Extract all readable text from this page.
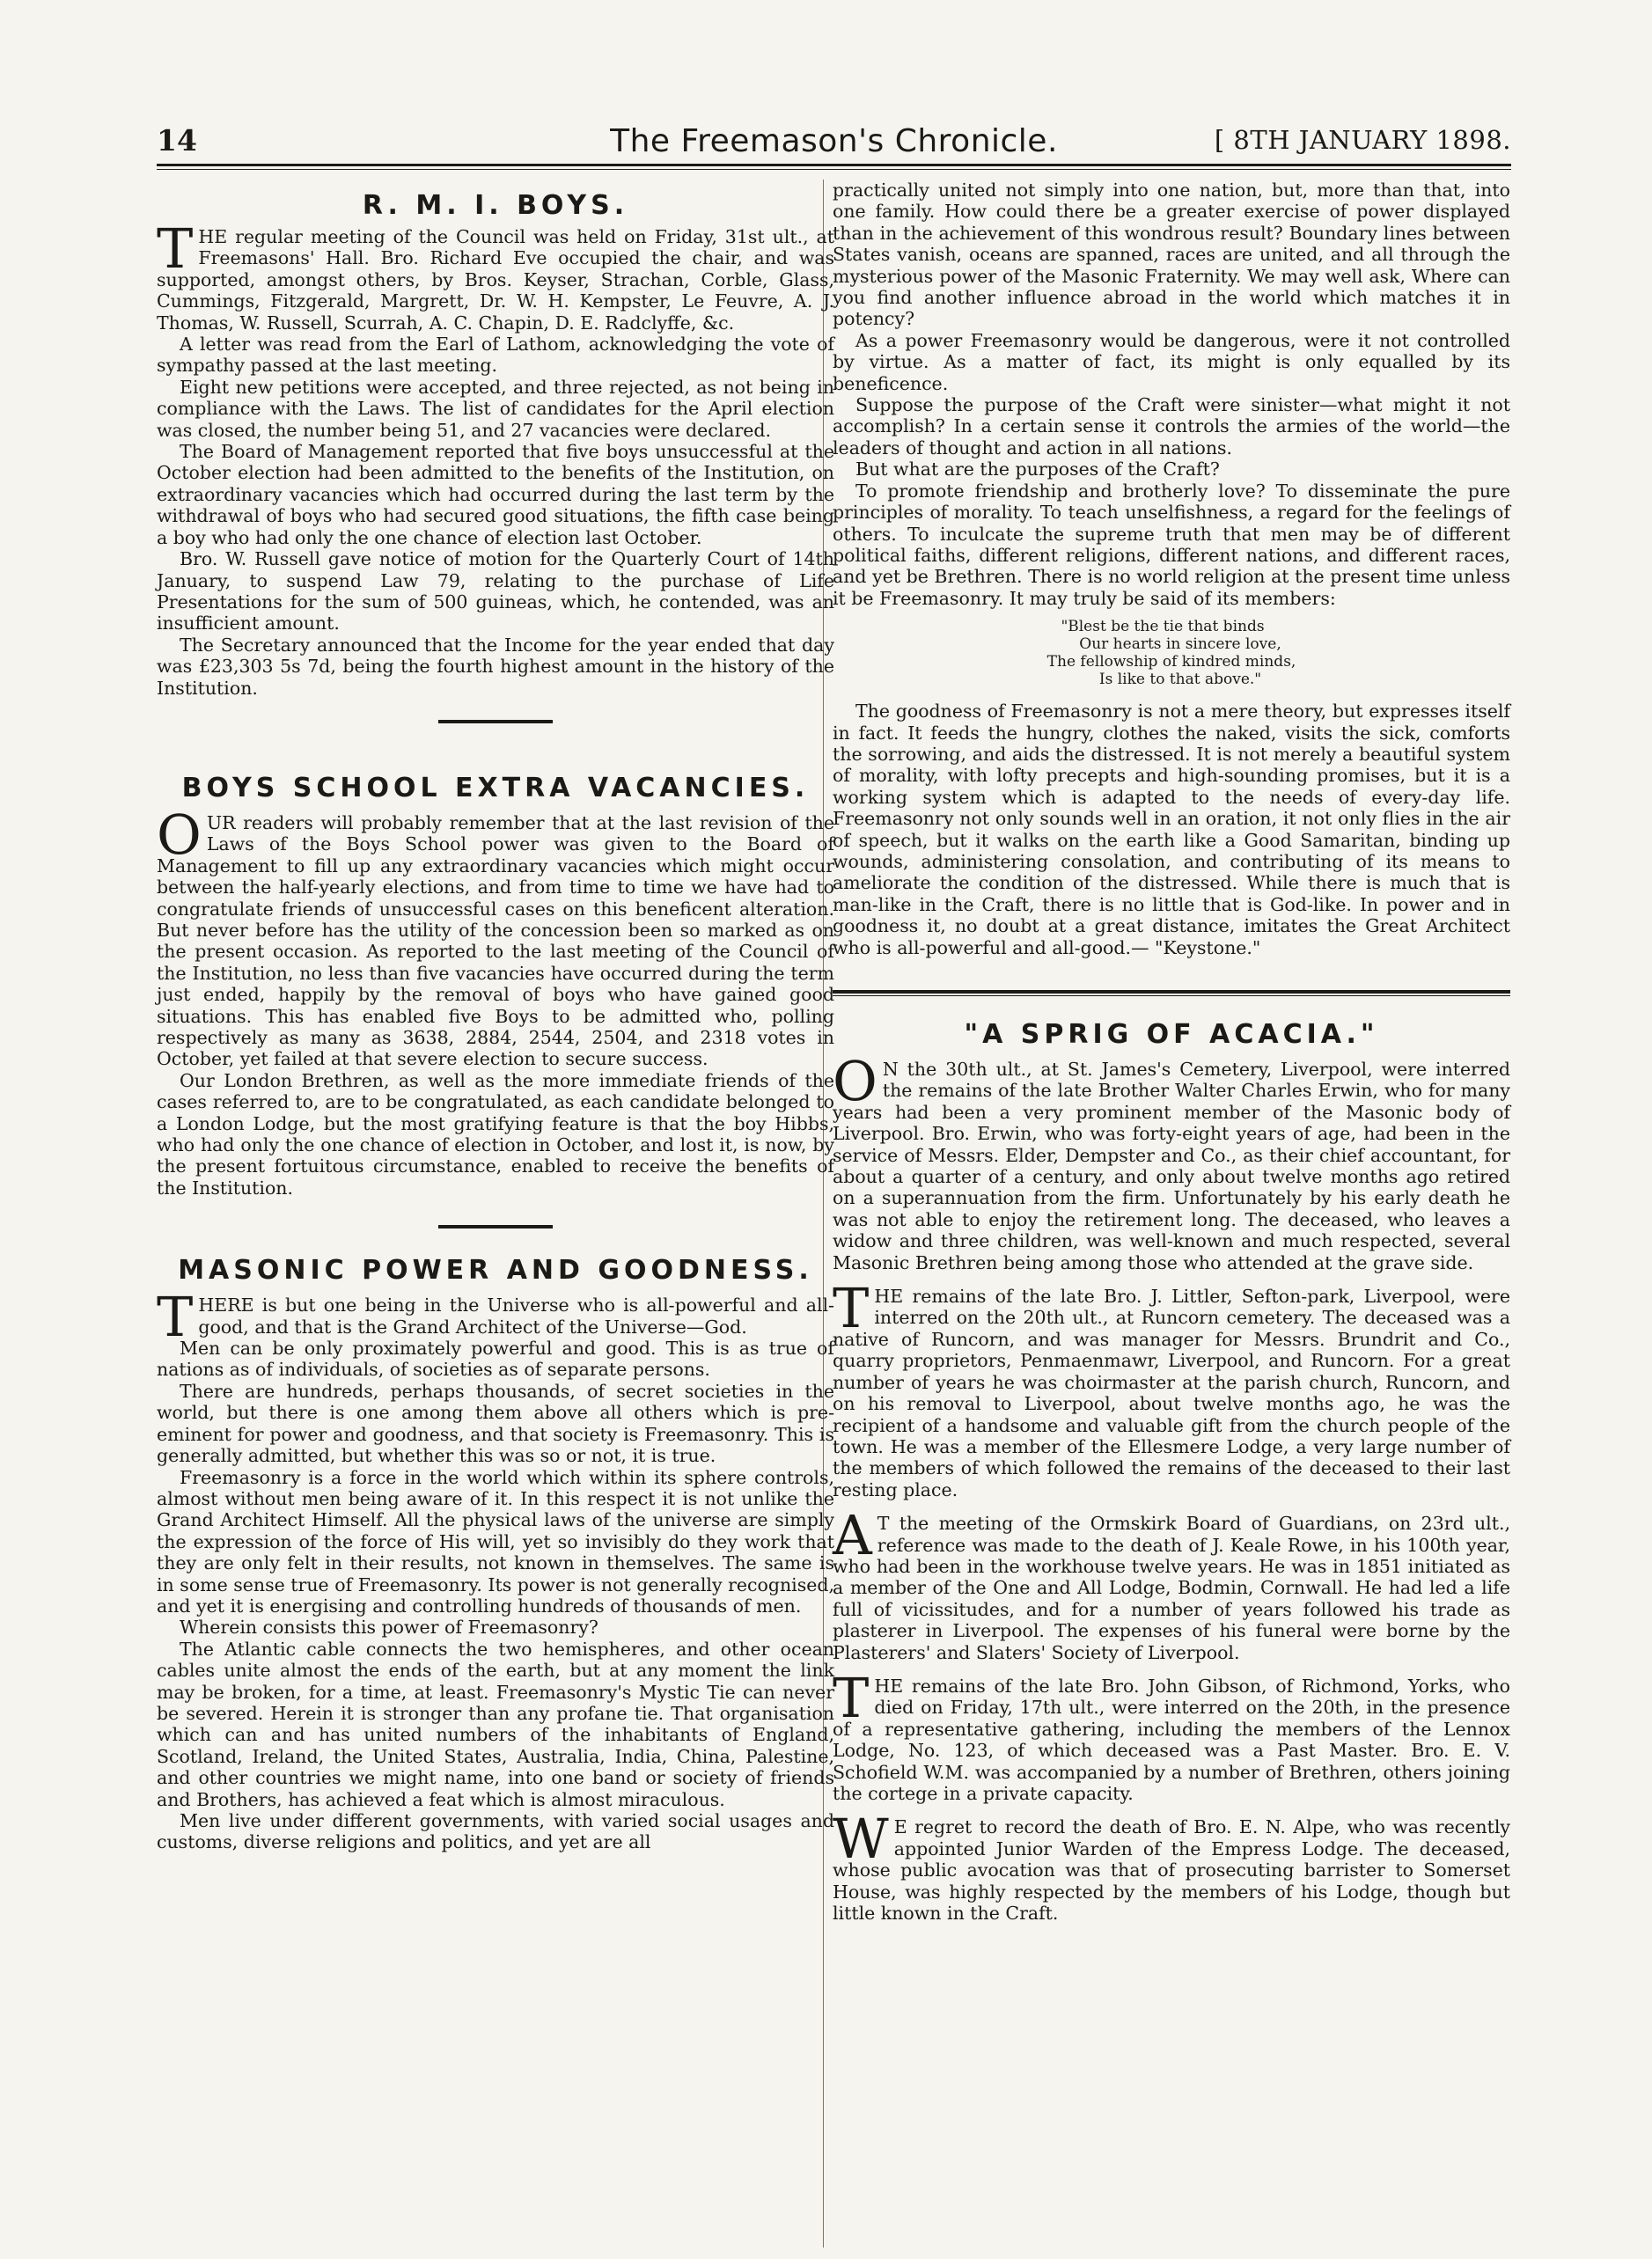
14	The Freemason's Chronicle.	[ 8TH JANUARY 1898.
R. M. I. BOYS.

THE regular meeting of the Council was held on Friday, 31st ult., at Freemasons' Hall. Bro. Richard Eve occupied the chair, and was supported, amongst others, by Bros. Keyser, Strachan, Corble, Glass, Cummings, Fitzgerald, Margrett, Dr. W. H. Kempster, Le Feuvre, A. J. Thomas, W. Russell, Scurrah, A. C. Chapin, D. E. Radclyffe, &c.

A letter was read from the Earl of Lathom, acknowledging the vote of sympathy passed at the last meeting.

Eight new petitions were accepted, and three rejected, as not being in compliance with the Laws. The list of candidates for the April election was closed, the number being 51, and 27 vacancies were declared.

The Board of Management reported that five boys unsuccessful at the October election had been admitted to the benefits of the Institution, on extraordinary vacancies which had occurred during the last term by the withdrawal of boys who had secured good situations, the fifth case being a boy who had only the one chance of election last October.

Bro. W. Russell gave notice of motion for the Quarterly Court of 14th January, to suspend Law 79, relating to the purchase of Life Presentations for the sum of 500 guineas, which, he contended, was an insufficient amount.

The Secretary announced that the Income for the year ended that day was £23,303 5s 7d, being the fourth highest amount in the history of the Institution.

BOYS SCHOOL EXTRA VACANCIES.

OUR readers will probably remember that at the last revision of the Laws of the Boys School power was given to the Board of Management to fill up any extraordinary vacancies which might occur between the half-yearly elections, and from time to time we have had to congratulate friends of unsuccessful cases on this beneficent alteration. But never before has the utility of the concession been so marked as on the present occasion. As reported to the last meeting of the Council of the Institution, no less than five vacancies have occurred during the term just ended, happily by the removal of boys who have gained good situations. This has enabled five Boys to be admitted who, polling respectively as many as 3638, 2884, 2544, 2504, and 2318 votes in October, yet failed at that severe election to secure success.

Our London Brethren, as well as the more immediate friends of the cases referred to, are to be congratulated, as each candidate belonged to a London Lodge, but the most gratifying feature is that the boy Hibbs, who had only the one chance of election in October, and lost it, is now, by the present fortuitous circumstance, enabled to receive the benefits of the Institution.

MASONIC POWER AND GOODNESS.

THERE is but one being in the Universe who is all-powerful and all-good, and that is the Grand Architect of the Universe—God.

Men can be only proximately powerful and good. This is as true of nations as of individuals, of societies as of separate persons.

There are hundreds, perhaps thousands, of secret societies in the world, but there is one among them above all others which is pre-eminent for power and goodness, and that society is Freemasonry. This is generally admitted, but whether this was so or not, it is true.

Freemasonry is a force in the world which within its sphere controls, almost without men being aware of it. In this respect it is not unlike the Grand Architect Himself. All the physical laws of the universe are simply the expression of the force of His will, yet so invisibly do they work that they are only felt in their results, not known in themselves. The same is in some sense true of Freemasonry. Its power is not generally recognised, and yet it is energising and controlling hundreds of thousands of men.

Wherein consists this power of Freemasonry?

The Atlantic cable connects the two hemispheres, and other ocean cables unite almost the ends of the earth, but at any moment the link may be broken, for a time, at least. Freemasonry's Mystic Tie can never be severed. Herein it is stronger than any profane tie. That organisation which can and has united numbers of the inhabitants of England, Scotland, Ireland, the United States, Australia, India, China, Palestine, and other countries we might name, into one band or society of friends and Brothers, has achieved a feat which is almost miraculous.

Men live under different governments, with varied social usages and customs, diverse religions and politics, and yet are all

practically united not simply into one nation, but, more than that, into one family. How could there be a greater exercise of power displayed than in the achievement of this wondrous result? Boundary lines between States vanish, oceans are spanned, races are united, and all through the mysterious power of the Masonic Fraternity. We may well ask, Where can you find another influence abroad in the world which matches it in potency?

As a power Freemasonry would be dangerous, were it not controlled by virtue. As a matter of fact, its might is only equalled by its beneficence.

Suppose the purpose of the Craft were sinister—what might it not accomplish? In a certain sense it controls the armies of the world—the leaders of thought and action in all nations.

But what are the purposes of the Craft?

To promote friendship and brotherly love? To disseminate the pure principles of morality. To teach unselfishness, a regard for the feelings of others. To inculcate the supreme truth that men may be of different political faiths, different religions, different nations, and different races, and yet be Brethren. There is no world religion at the present time unless it be Freemasonry. It may truly be said of its members:

"Blest be the tie that binds
Our hearts in sincere love,
The fellowship of kindred minds,
Is like to that above."

The goodness of Freemasonry is not a mere theory, but expresses itself in fact. It feeds the hungry, clothes the naked, visits the sick, comforts the sorrowing, and aids the distressed. It is not merely a beautiful system of morality, with lofty precepts and high-sounding promises, but it is a working system which is adapted to the needs of every-day life. Freemasonry not only sounds well in an oration, it not only flies in the air of speech, but it walks on the earth like a Good Samaritan, binding up wounds, administering consolation, and contributing of its means to ameliorate the condition of the distressed. While there is much that is man-like in the Craft, there is no little that is God-like. In power and in goodness it, no doubt at a great distance, imitates the Great Architect who is all-powerful and all-good.— "Keystone."

"A SPRIG OF ACACIA."

O N the 30th ult., at St. James's Cemetery, Liverpool, were interred the remains of the late Brother Walter Charles Erwin, who for many years had been a very prominent member of the Masonic body of Liverpool. Bro. Erwin, who was forty-eight years of age, had been in the service of Messrs. Elder, Dempster and Co., as their chief accountant, for about a quarter of a century, and only about twelve months ago retired on a superannuation from the firm. Unfortunately by his early death he was not able to enjoy the retirement long. The deceased, who leaves a widow and three children, was well-known and much respected, several Masonic Brethren being among those who attended at the grave side.

THE remains of the late Bro. J. Littler, Sefton-park, Liverpool, were interred on the 20th ult., at Runcorn cemetery. The deceased was a native of Runcorn, and was manager for Messrs. Brundrit and Co., quarry proprietors, Penmaenmawr, Liverpool, and Runcorn. For a great number of years he was choirmaster at the parish church, Runcorn, and on his removal to Liverpool, about twelve months ago, he was the recipient of a handsome and valuable gift from the church people of the town. He was a member of the Ellesmere Lodge, a very large number of the members of which followed the remains of the deceased to their last resting place.

A T the meeting of the Ormskirk Board of Guardians, on 23rd ult., reference was made to the death of J. Keale Rowe, in his 100th year, who had been in the workhouse twelve years. He was in 1851 initiated as a member of the One and All Lodge, Bodmin, Cornwall. He had led a life full of vicissitudes, and for a number of years followed his trade as plasterer in Liverpool. The expenses of his funeral were borne by the Plasterers' and Slaters' Society of Liverpool.

THE remains of the late Bro. John Gibson, of Richmond, Yorks, who died on Friday, 17th ult., were interred on the 20th, in the presence of a representative gathering, including the members of the Lennox Lodge, No. 123, of which deceased was a Past Master. Bro. E. V. Schofield W.M. was accompanied by a number of Brethren, others joining the cortege in a private capacity.

W E regret to record the death of Bro. E. N. Alpe, who was recently appointed Junior Warden of the Empress Lodge. The deceased, whose public avocation was that of prosecuting barrister to Somerset House, was highly respected by the members of his Lodge, though but little known in the Craft.
